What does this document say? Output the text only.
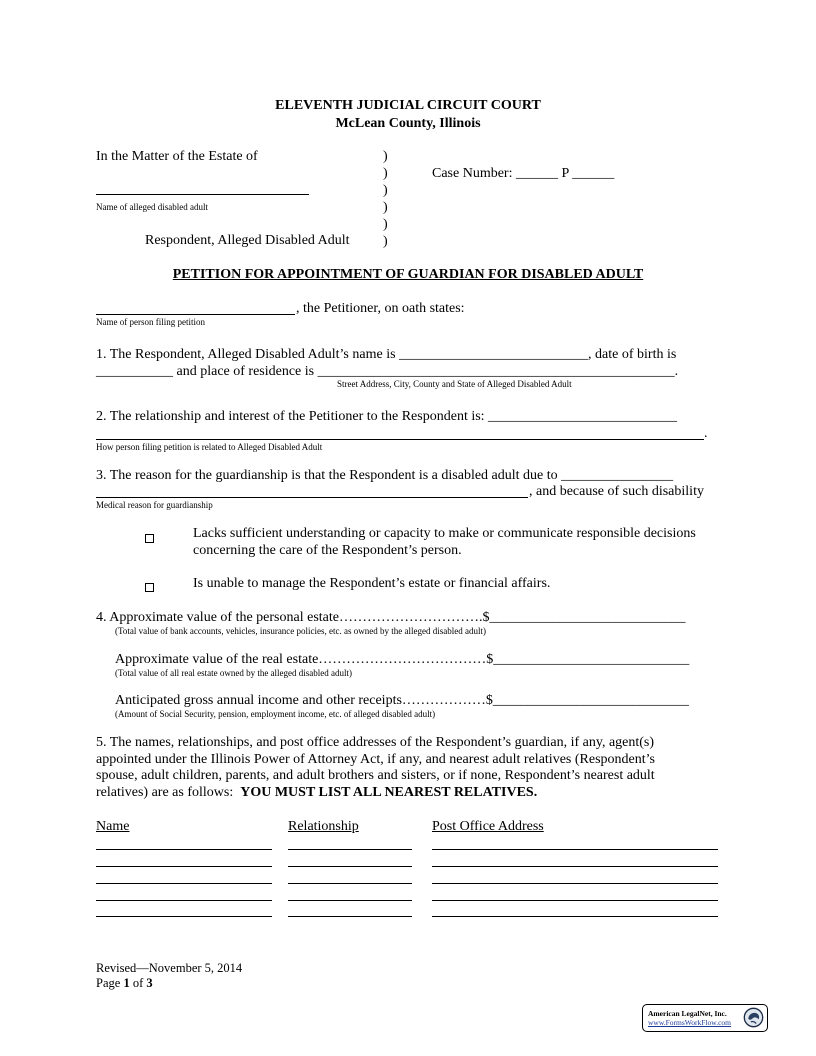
ELEVENTH JUDICIAL CIRCUIT COURT
McLean County, Illinois
In the Matter of the Estate of
Name of alleged disabled adult
Respondent, Alleged Disabled Adult
)
)
)
)
)
)
Case Number: ______ P ______
PETITION FOR APPOINTMENT OF GUARDIAN FOR DISABLED ADULT
, the Petitioner, on oath states:
Name of person filing petition
1. The Respondent, Alleged Disabled Adult’s name is ___________________________, date of birth is
___________ and place of residence is ___________________________________________________.
Street Address, City, County and State of Alleged Disabled Adult
2. The relationship and interest of the Petitioner to the Respondent is: ___________________________
.
How person filing petition is related to Alleged Disabled Adult
3. The reason for the guardianship is that the Respondent is a disabled adult due to ________________
, and because of such disability
Medical reason for guardianship
Lacks sufficient understanding or capacity to make or communicate responsible decisions
concerning the care of the Respondent’s person.
Is unable to manage the Respondent’s estate or financial affairs.
4. Approximate value of the personal estate………………………….$____________________________
(Total value of bank accounts, vehicles, insurance policies, etc. as owned by the alleged disabled adult)
Approximate value of the real estate………………………………$____________________________
(Total value of all real estate owned by the alleged disabled adult)
Anticipated gross annual income and other receipts………………$____________________________
(Amount of Social Security, pension, employment income, etc. of alleged disabled adult)
5. The names, relationships, and post office addresses of the Respondent’s guardian, if any, agent(s)
appointed under the Illinois Power of Attorney Act, if any, and nearest adult relatives (Respondent’s
spouse, adult children, parents, and adult brothers and sisters, or if none, Respondent’s nearest adult
relatives) are as follows:  YOU MUST LIST ALL NEAREST RELATIVES.
Name	Relationship	Post Office Address
Revised—November 5, 2014
Page 1 of 3
American LegalNet, Inc.
www.FormsWorkFlow.com
